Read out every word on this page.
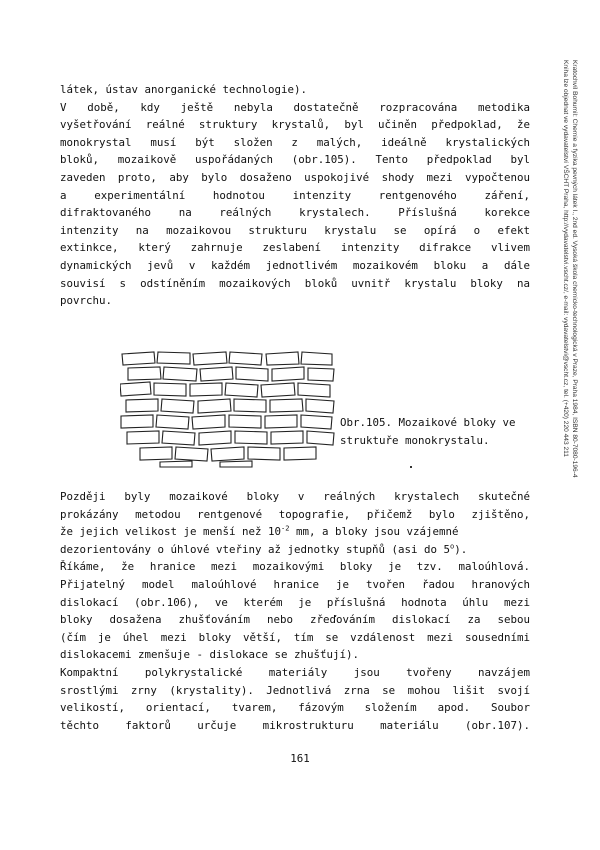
látek, ústav anorganické technologie).
V době, kdy ještě nebyla dostatečně rozpracována metodika
vyšetřování reálné struktury krystalů, byl učiněn předpoklad, že
monokrystal musí být složen z malých, ideálně krystalických
bloků, mozaikově uspořádaných (obr.105). Tento předpoklad byl
zaveden proto, aby bylo dosaženo uspokojivé shody mezi vypočtenou
a experimentální hodnotou intenzity rentgenového záření,
difraktovaného na reálných krystalech. Příslušná korekce
intenzity na mozaikovou strukturu krystalu se opírá o efekt
extinkce, který zahrnuje zeslabení intenzity difrakce vlivem
dynamických jevů v každém jednotlivém mozaikovém bloku a dále
souvisí s odstíněním mozaikových bloků uvnitř krystalu bloky na
povrchu.
Obr.105. Mozaikové bloky ve
struktuře monokrystalu.
Později byly mozaikové bloky v reálných krystalech skutečné
prokázány metodou rentgenové topografie, přičemž bylo zjištěno,
že jejich velikost je menší než $10^{-2}$ mm, a bloky jsou vzájemné
dezorientovány o úhlové vteřiny až jednotky stupňů (asi do 5$^o$).
Říkáme, že hranice mezi mozaikovými bloky je tzv. maloúhlová.
Přijatelný model maloúhlové hranice je tvořen řadou hranových
dislokací (obr.106), ve kterém je příslušná hodnota úhlu mezi
bloky dosažena zhušťováním nebo zřeďováním dislokací za sebou
(čím je úhel mezi bloky větší, tím se vzdálenost mezi sousedními
dislokacemi zmenšuje - dislokace se zhušťují).
Kompaktní polykrystalické materiály jsou tvořeny navzájem
srostlými zrny (krystality). Jednotlivá zrna se mohou lišit svojí
velikostí, orientací, tvarem, fázovým složením apod. Soubor
těchto faktorů určuje mikrostrukturu materiálu (obr.107).
161
Kratochvíl Bohumil: Chemie a fyzika pevných látek I., 2nd ed. Vysoká škola chemicko-technologická v Praze, Praha 1984, ISBN 80-7080-196-4
Kniha lze objednat ve vydavatelství VŠCHT Praha, http://vydavatelstvi.vscht.cz/, e-mail: vydavatelstvi@vscht.cz, tel. (+420) 220 443 211
